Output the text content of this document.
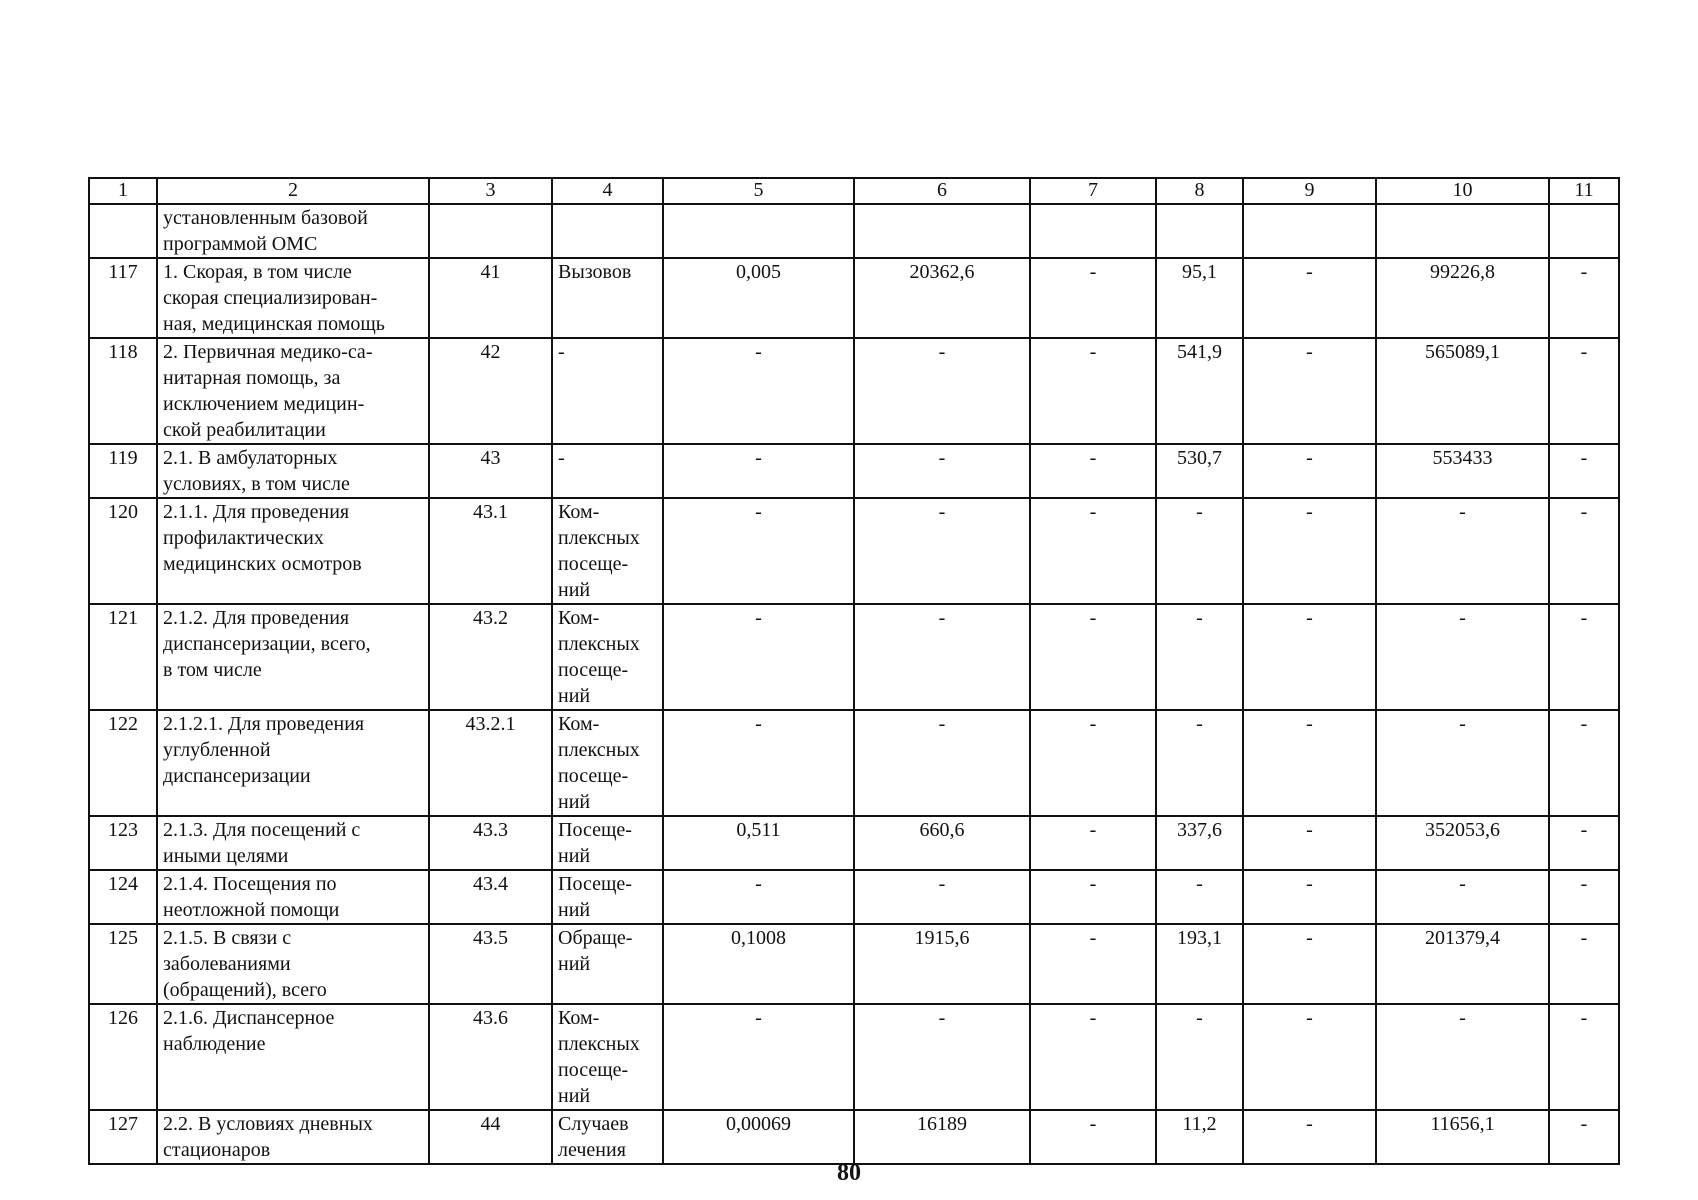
1	2	3	4	5	6	7	8	9	10	11
	установленным базовой
программой ОМС									
117	1. Скорая, в том числе
скорая специализирован-
ная, медицинская помощь	41	Вызовов	0,005	20362,6	-	95,1	-	99226,8	-
118	2. Первичная медико-са-
нитарная помощь, за
исключением медицин-
ской реабилитации	42	-	-	-	-	541,9	-	565089,1	-
119	2.1. В амбулаторных
условиях, в том числе	43	-	-	-	-	530,7	-	553433	-
120	2.1.1. Для проведения
профилактических
медицинских осмотров	43.1	Ком-
плексных
посеще-
ний	-	-	-	-	-	-	-
121	2.1.2. Для проведения
диспансеризации, всего,
в том числе	43.2	Ком-
плексных
посеще-
ний	-	-	-	-	-	-	-
122	2.1.2.1. Для проведения
углубленной
диспансеризации	43.2.1	Ком-
плексных
посеще-
ний	-	-	-	-	-	-	-
123	2.1.3. Для посещений с
иными целями	43.3	Посеще-
ний	0,511	660,6	-	337,6	-	352053,6	-
124	2.1.4. Посещения по
неотложной помощи	43.4	Посеще-
ний	-	-	-	-	-	-	-
125	2.1.5. В связи с
заболеваниями
(обращений), всего	43.5	Обраще-
ний	0,1008	1915,6	-	193,1	-	201379,4	-
126	2.1.6. Диспансерное
наблюдение	43.6	Ком-
плексных
посеще-
ний	-	-	-	-	-	-	-
127	2.2. В условиях дневных
стационаров	44	Случаев
лечения	0,00069	16189	-	11,2	-	11656,1	-
80
